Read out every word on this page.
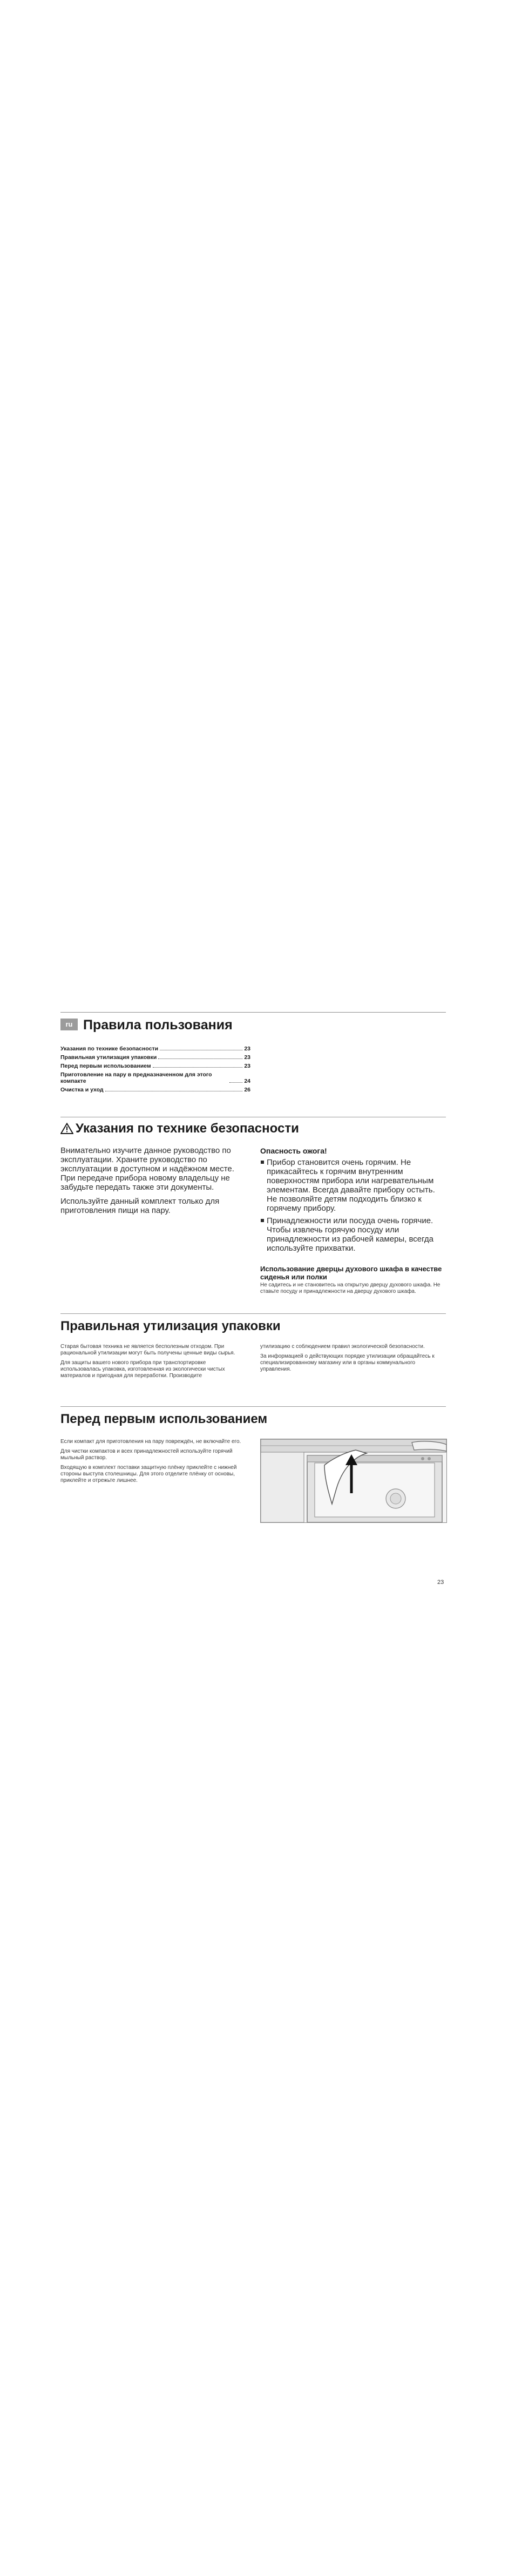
ru Правила пользования
Указания по технике безопасности	23
Правильная утилизация упаковки	23
Перед первым использованием	23
Приготовление на пару в предназначенном для этого компакте	24
Очистка и уход	26
Указания по технике безопасности

Внимательно изучите данное руководство по эксплуатации. Храните руководство по эксплуатации в доступном и надёжном месте. При передаче прибора новому владельцу не забудьте передать также эти документы.

Используйте данный комплект только для приготовления пищи на пару.

Опасность ожога!
Прибор становится очень горячим. Не прикасайтесь к горячим внутренним поверхностям прибора или нагревательным элементам. Всегда давайте прибору остыть. Не позволяйте детям подходить близко к горячему прибору.
Принадлежности или посуда очень горячие. Чтобы извлечь горячую посуду или принадлежности из рабочей камеры, всегда используйте прихватки.
Использование дверцы духового шкафа в качестве сиденья или полки

Не садитесь и не становитесь на открытую дверцу духового шкафа. Не ставьте посуду и принадлежности на дверцу духового шкафа.

Правильная утилизация упаковки

Старая бытовая техника не является бесполезным отходом. При рациональной утилизации могут быть получены ценные виды сырья.

Для защиты вашего нового прибора при транспортировке использовалась упаковка, изготовленная из экологически чистых материалов и пригодная для переработки. Производите

утилизацию с соблюдением правил экологической безопасности.

За информацией о действующих порядке утилизации обращайтесь к специализированному магазину или в органы коммунального управления.

Перед первым использованием

Если компакт для приготовления на пару повреждён, не включайте его.

Для чистки компактов и всех принадлежностей используйте горячий мыльный раствор.

Входящую в комплект поставки защитную плёнку приклейте с нижней стороны выступа столешницы. Для этого отделите плёнку от основы, приклейте и отрежьте лишнее.

23
